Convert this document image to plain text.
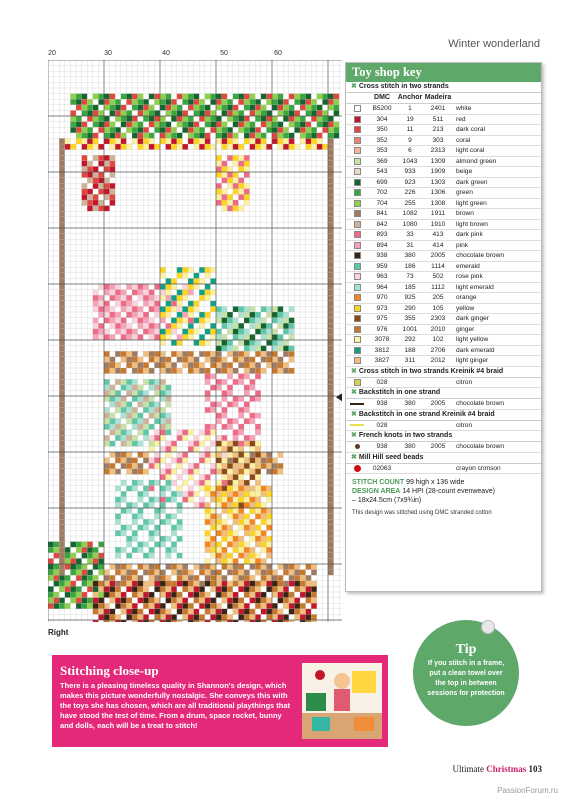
Winter wonderland
20	30	40	50	60
Right
Toy shop key
✖ Cross stitch in two strands
DMC	Anchor Madeira
B5200	1	2401	white
304	19	511	red
350	11	213	dark coral
352	9	303	coral
353	6	2313	light coral
369	1043	1309	almond green
543	933	1909	beige
699	923	1303	dark green
702	226	1306	green
704	255	1308	light green
841	1082	1911	brown
842	1080	1910	light brown
893	33	413	dark pink
894	31	414	pink
938	380	2005	chocolate brown
959	186	1114	emerald
963	73	502	rose pink
964	185	1112	light emerald
970	925	205	orange
973	290	105	yellow
975	355	2303	dark ginger
976	1001	2010	ginger
3078	292	102	light yellow
3812	188	2706	dark emerald
3827	311	2012	light ginger
✖ Cross stitch in two strands Kreinik #4 braid
028	citron
✖ Backstitch in one strand
938	380	2005	chocolate brown
✖ Backstitch in one strand Kreinik #4 braid
028	citron
✖ French knots in two strands
938	380	2005	chocolate brown
✖ Mill Hill seed beads
02063	crayon crimson
STITCH COUNT 99 high x 136 wide
DESIGN AREA 14 HPI (28-count evenweave)
– 18x24.5cm (7x9¾in)
This design was stitched using DMC stranded cotton
Tip
If you stitch in a frame, put a clean towel over the top in between sessions for protection
Stitching close-up
There is a pleasing timeless quality in Shannon's design, which makes this picture wonderfully nostalgic. She conveys this with the toys she has chosen, which are all traditional playthings that have stood the test of time. From a drum, space rocket, bunny and dolls, each will be a treat to stitch!
Ultimate Christmas 103
PassionForum.ru
